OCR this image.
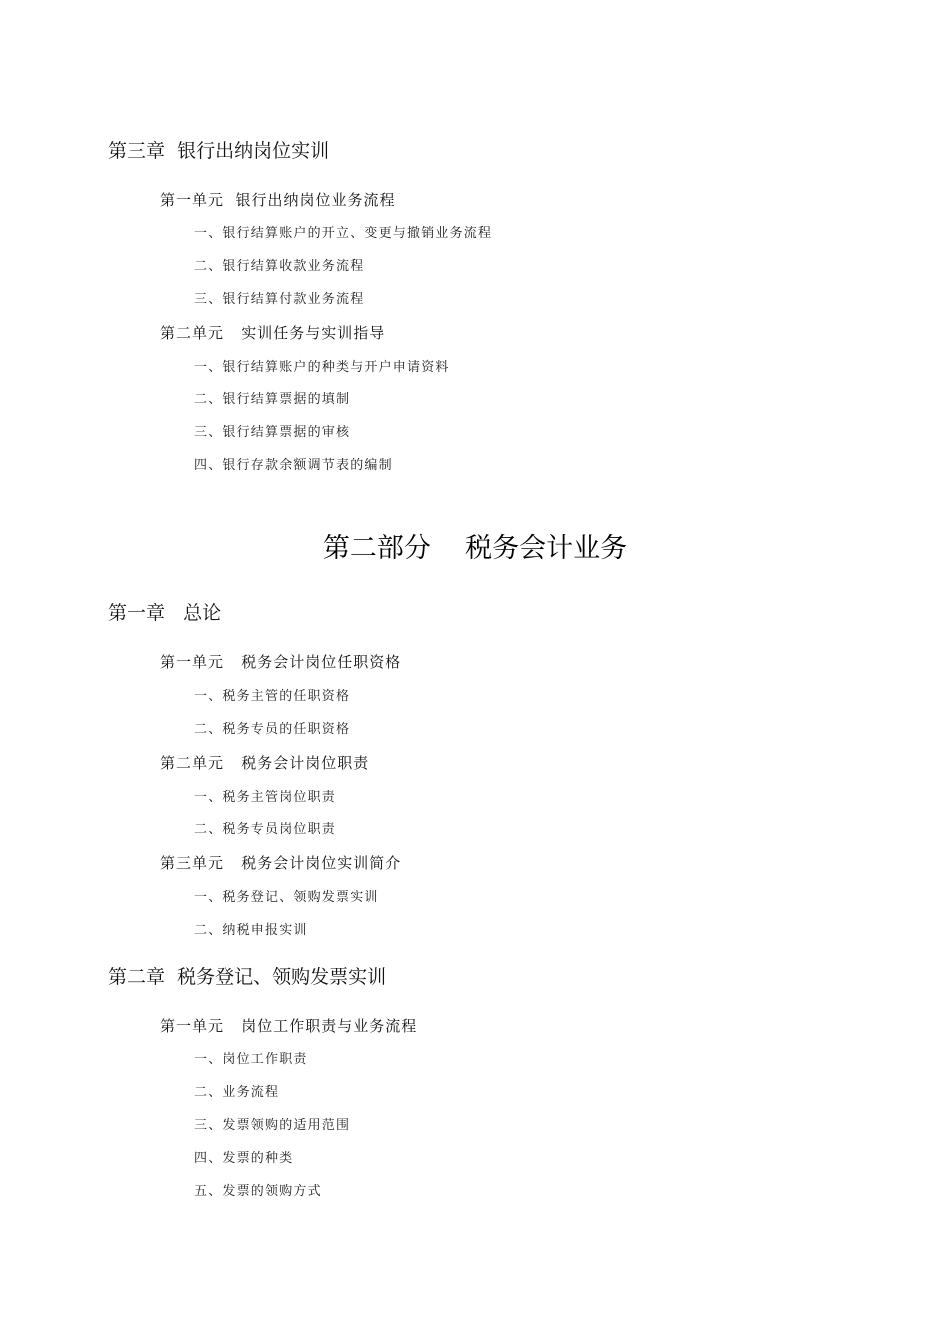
第三章  银行出纳岗位实训
第一单元  银行出纳岗位业务流程
一、银行结算账户的开立、变更与撤销业务流程
二、银行结算收款业务流程
三、银行结算付款业务流程
第二单元   实训任务与实训指导
一、银行结算账户的种类与开户申请资料
二、银行结算票据的填制
三、银行结算票据的审核
四、银行存款余额调节表的编制
第二部分    税务会计业务
第一章   总论
第一单元   税务会计岗位任职资格
一、税务主管的任职资格
二、税务专员的任职资格
第二单元   税务会计岗位职责
一、税务主管岗位职责
二、税务专员岗位职责
第三单元   税务会计岗位实训简介
一、税务登记、领购发票实训
二、纳税申报实训
第二章  税务登记、领购发票实训
第一单元   岗位工作职责与业务流程
一、岗位工作职责
二、业务流程
三、发票领购的适用范围
四、发票的种类
五、发票的领购方式
